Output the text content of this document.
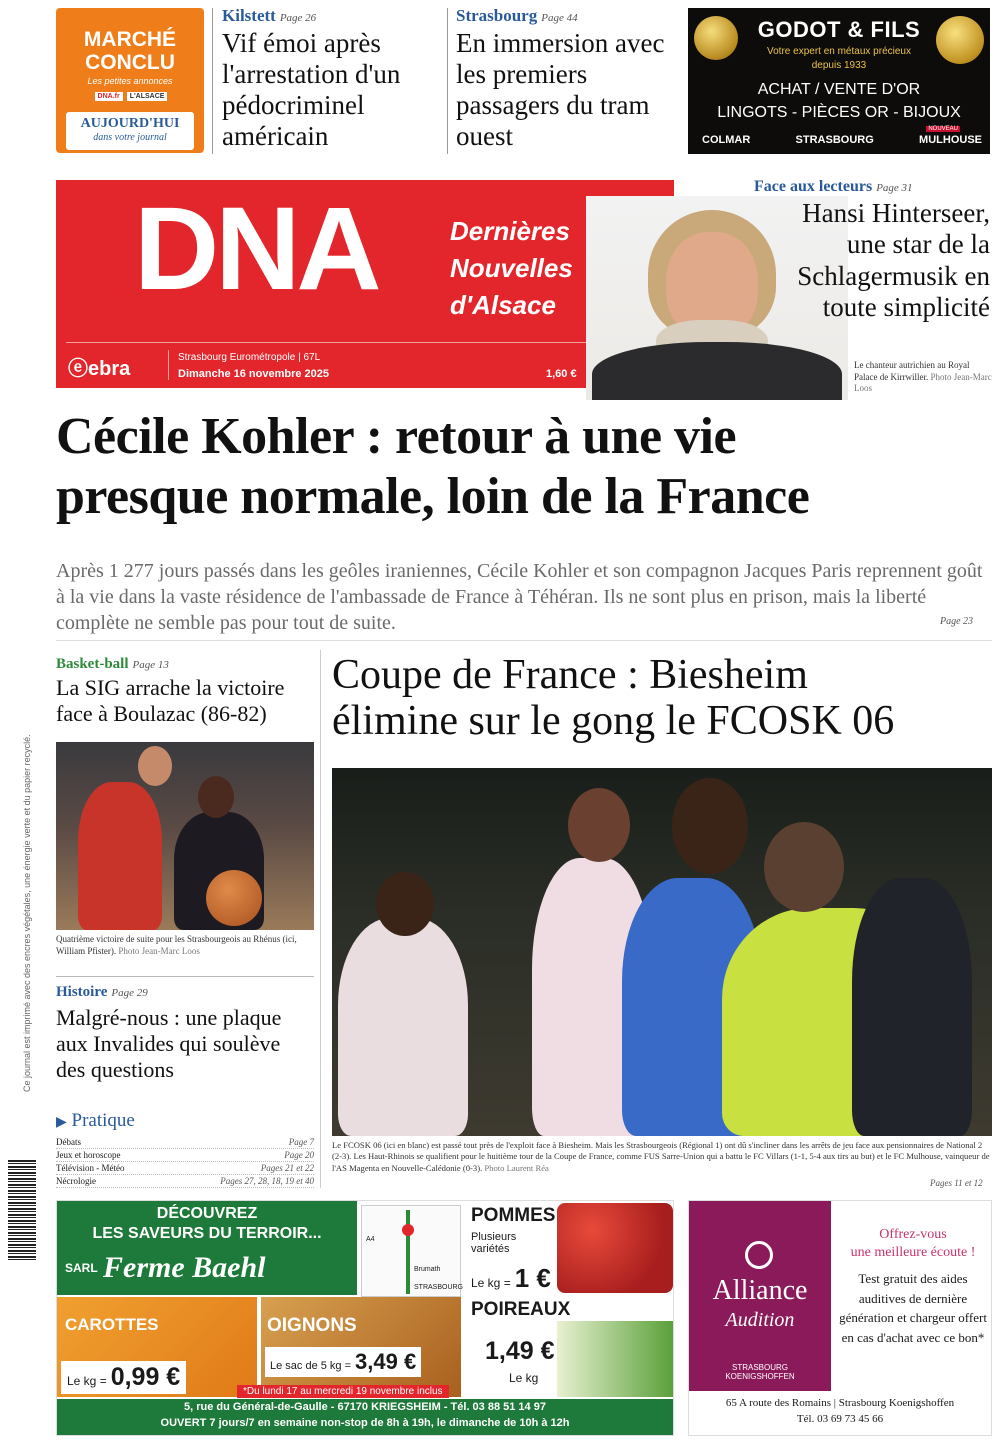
MARCHÉ
CONCLU
Les petites annonces
DNA.fr	L'ALSACE
AUJOURD'HUI
dans votre journal
Kilstett Page 26
Vif émoi après l'arrestation d'un pédocriminel américain
Strasbourg Page 44
En immersion avec les premiers passagers du tram ouest
GODOT & FILS
Votre expert en métaux précieux
depuis 1933
ACHAT / VENTE D'OR
LINGOTS - PIÈCES OR - BIJOUX
COLMAR	STRASBOURG	MULHOUSE
NOUVEAU
DNA	Dernières
Nouvelles
d'Alsace
ⓔebra
Strasbourg Eurométropole | 67L
Dimanche 16 novembre 2025	1,60 €
Face aux lecteurs Page 31
Hansi Hinterseer, une star de la Schlagermusik en toute simplicité
Le chanteur autrichien au Royal Palace de Kirrwiller. Photo Jean-Marc Loos
Cécile Kohler : retour à une vie
presque normale, loin de la France
Après 1 277 jours passés dans les geôles iraniennes, Cécile Kohler et son compagnon Jacques Paris reprennent goût à la vie dans la vaste résidence de l'ambassade de France à Téhéran. Ils ne sont plus en prison, mais la liberté complète ne semble pas pour tout de suite.	Page 23
Ce journal est imprimé avec des encres végétales, une énergie verte et du papier recyclé.
Basket-ball Page 13
La SIG arrache la victoire face à Boulazac (86-82)
Quatrième victoire de suite pour les Strasbourgeois au Rhénus (ici, William Pfister). Photo Jean-Marc Loos
Histoire Page 29
Malgré-nous : une plaque aux Invalides qui soulève des questions
▶ Pratique
Débats	Page 7
Jeux et horoscope	Page 20
Télévision - Météo	Pages 21 et 22
Nécrologie	Pages 27, 28, 18, 19 et 40
Coupe de France : Biesheim
élimine sur le gong le FCOSK 06
Le FCOSK 06 (ici en blanc) est passé tout près de l'exploit face à Biesheim. Mais les Strasbourgeois (Régional 1) ont dû s'incliner dans les arrêts de jeu face aux pensionnaires de National 2 (2-3). Les Haut-Rhinois se qualifient pour le huitième tour de la Coupe de France, comme FUS Sarre-Union qui a battu le FC Villars (1-1, 5-4 aux tirs au but) et le FC Mulhouse, vainqueur de l'AS Magenta en Nouvelle-Calédonie (0-3). Photo Laurent Réa
Pages 11 et 12
DÉCOUVREZ
LES SAVEURS DU TERROIR...
SARL Ferme Baehl
A4
Brumath
STRASBOURG
CAROTTES
Le kg = 0,99 €
OIGNONS
Le sac de 5 kg = 3,49 €
POMMES
Plusieurs variétés
Le kg = 1 €
POIREAUX
1,49 €
Le kg
*Du lundi 17 au mercredi 19 novembre inclus
5, rue du Général-de-Gaulle - 67170 KRIEGSHEIM - Tél. 03 88 51 14 97
OUVERT 7 jours/7 en semaine non-stop de 8h à 19h, le dimanche de 10h à 12h
Alliance
Audition
STRASBOURG KOENIGSHOFFEN
Offrez-vous
une meilleure écoute !
Test gratuit des aides auditives de dernière génération et chargeur offert en cas d'achat avec ce bon*
65 A route des Romains | Strasbourg Koenigshoffen
Tél. 03 69 73 45 66
